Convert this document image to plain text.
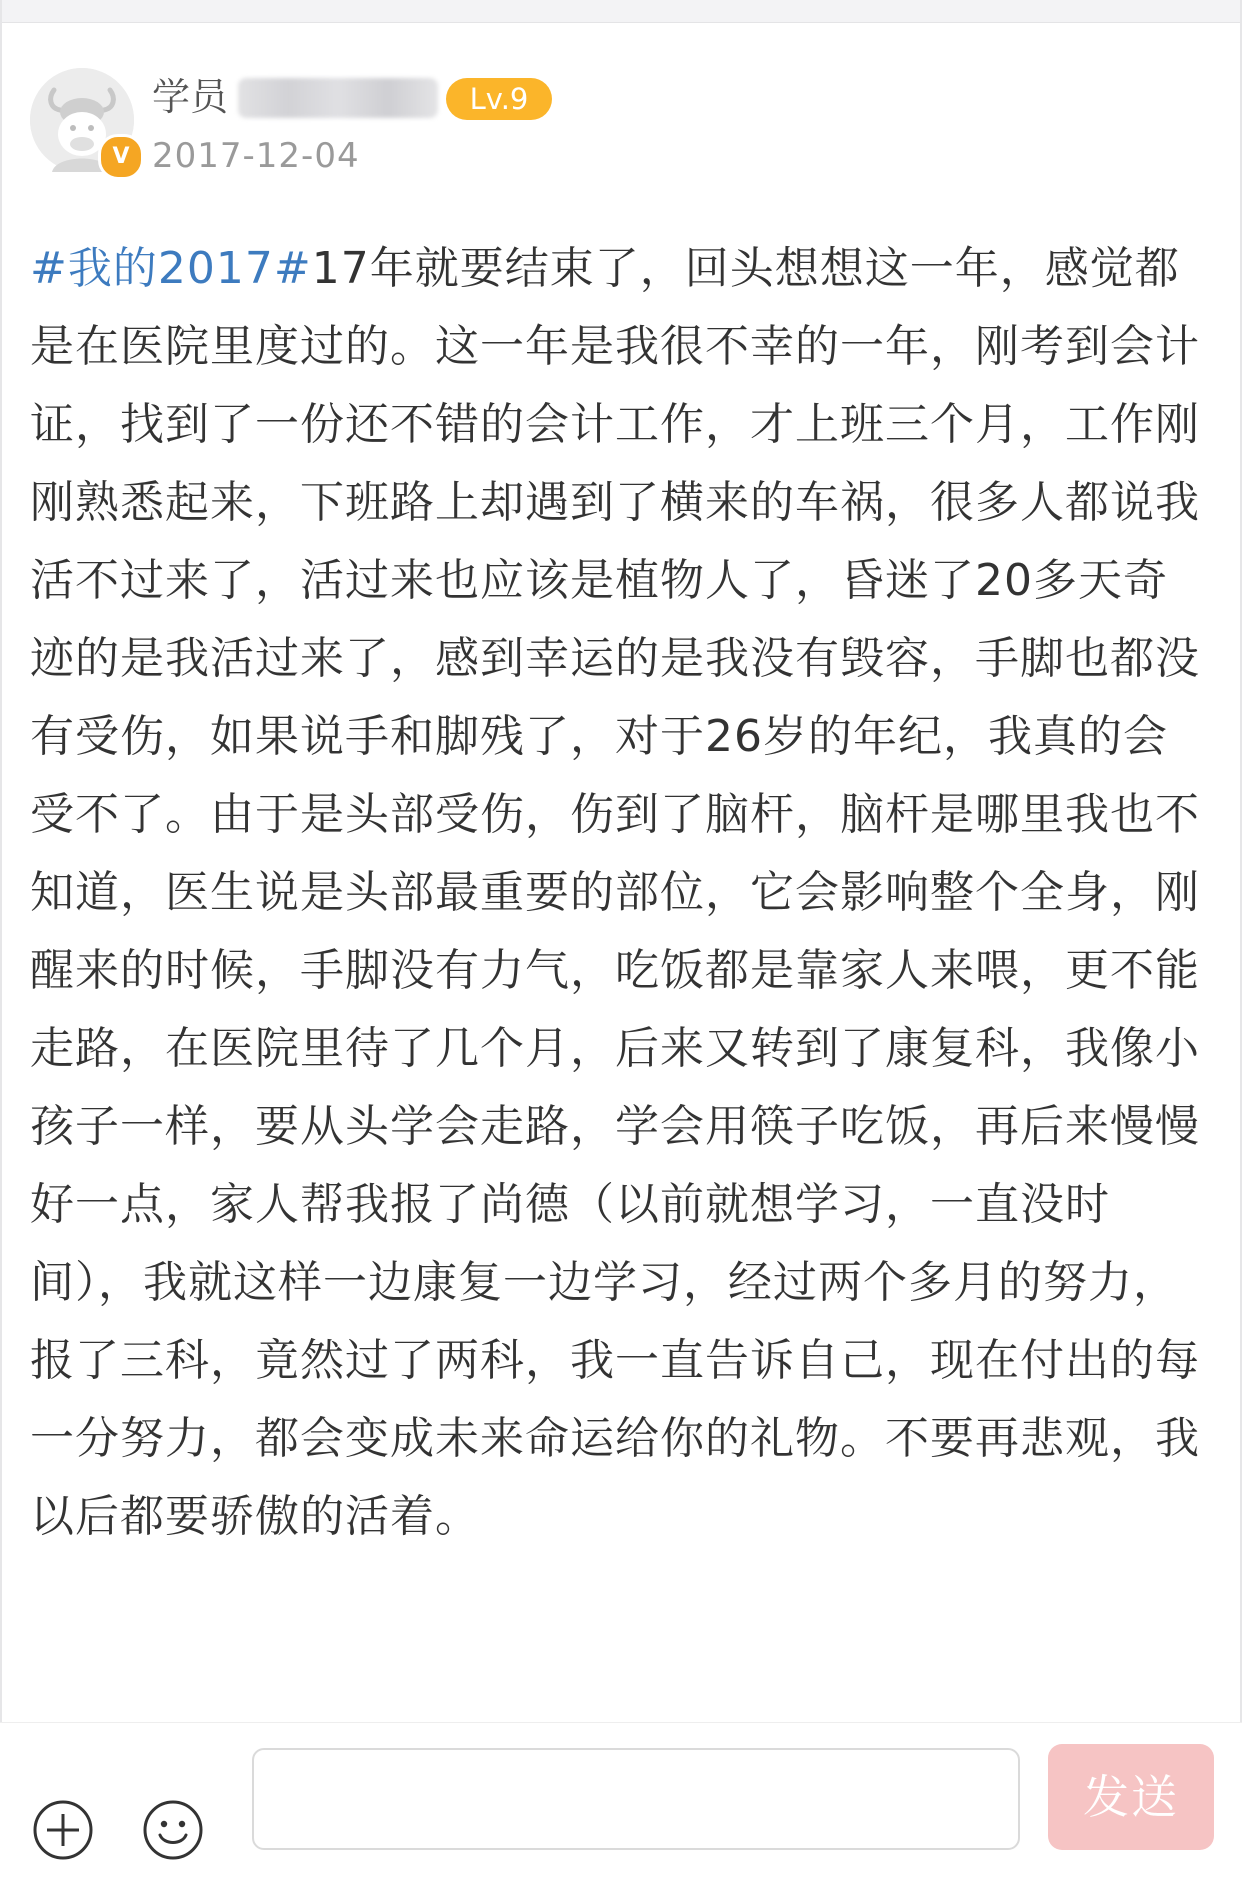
V
学员	Lv.9
2017-12-04
#我的2017#17年就要结束了，回头想想这一年，感觉都是在医院里度过的。这一年是我很不幸的一年，刚考到会计证，找到了一份还不错的会计工作，才上班三个月，工作刚刚熟悉起来，下班路上却遇到了横来的车祸，很多人都说我活不过来了，活过来也应该是植物人了，昏迷了20多天奇迹的是我活过来了，感到幸运的是我没有毁容，手脚也都没有受伤，如果说手和脚残了，对于26岁的年纪，我真的会受不了。由于是头部受伤，伤到了脑杆，脑杆是哪里我也不知道，医生说是头部最重要的部位，它会影响整个全身，刚醒来的时候，手脚没有力气，吃饭都是靠家人来喂，更不能走路，在医院里待了几个月，后来又转到了康复科，我像小孩子一样，要从头学会走路，学会用筷子吃饭，再后来慢慢好一点，家人帮我报了尚德（以前就想学习，一直没时间），我就这样一边康复一边学习，经过两个多月的努力，报了三科，竟然过了两科，我一直告诉自己，现在付出的每一分努力，都会变成未来命运给你的礼物。不要再悲观，我以后都要骄傲的活着。
发送
